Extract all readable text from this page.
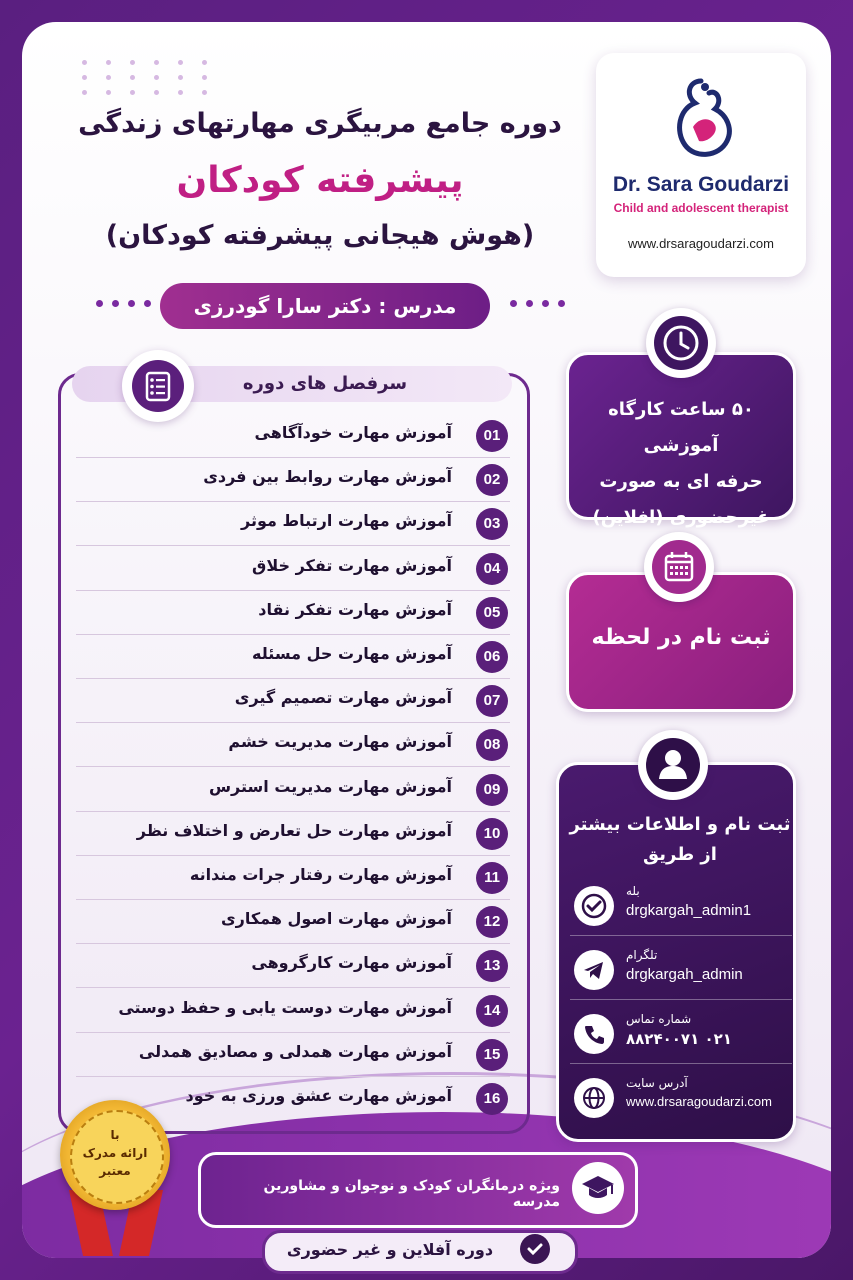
Dr. Sara Goudarzi
Child and adolescent therapist
www.drsaragoudarzi.com
دوره جامع مربیگری مهارتهای زندگی
پیشرفته کودکان
(هوش هیجانی پیشرفته کودکان)
مدرس : دکتر سارا گودرزی
سرفصل های دوره
01
آموزش مهارت خودآگاهی
02
آموزش مهارت روابط بین فردی
03
آموزش مهارت ارتباط موثر
04
آموزش مهارت تفکر خلاق
05
آموزش مهارت تفکر نقاد
06
آموزش مهارت حل مسئله
07
آموزش مهارت تصمیم گیری
08
آموزش مهارت مدیریت خشم
09
آموزش مهارت مدیریت استرس
10
آموزش مهارت حل تعارض و اختلاف نظر
11
آموزش مهارت رفتار جرات مندانه
12
آموزش مهارت اصول همکاری
13
آموزش مهارت کارگروهی
14
آموزش مهارت دوست یابی و حفظ دوستی
15
آموزش مهارت همدلی و مصادیق همدلی
16
آموزش مهارت عشق ورزی به خود
۵۰ ساعت کارگاه آموزشی
حرفه ای به صورت
غیرحضوری (افلاین)
ثبت نام در لحظه
ثبت نام و اطلاعات بیشتر
از طریق
بله
drgkargah_admin1
تلگرام
drgkargah_admin
شماره تماس
۰۲۱ ۸۸۲۴۰۰۷۱
آدرس سایت
www.drsaragoudarzi.com
با
ارائه مدرک
معتبر
ویژه درمانگران کودک و نوجوان و مشاورین مدرسه
دوره آفلاین و غیر حضوری
